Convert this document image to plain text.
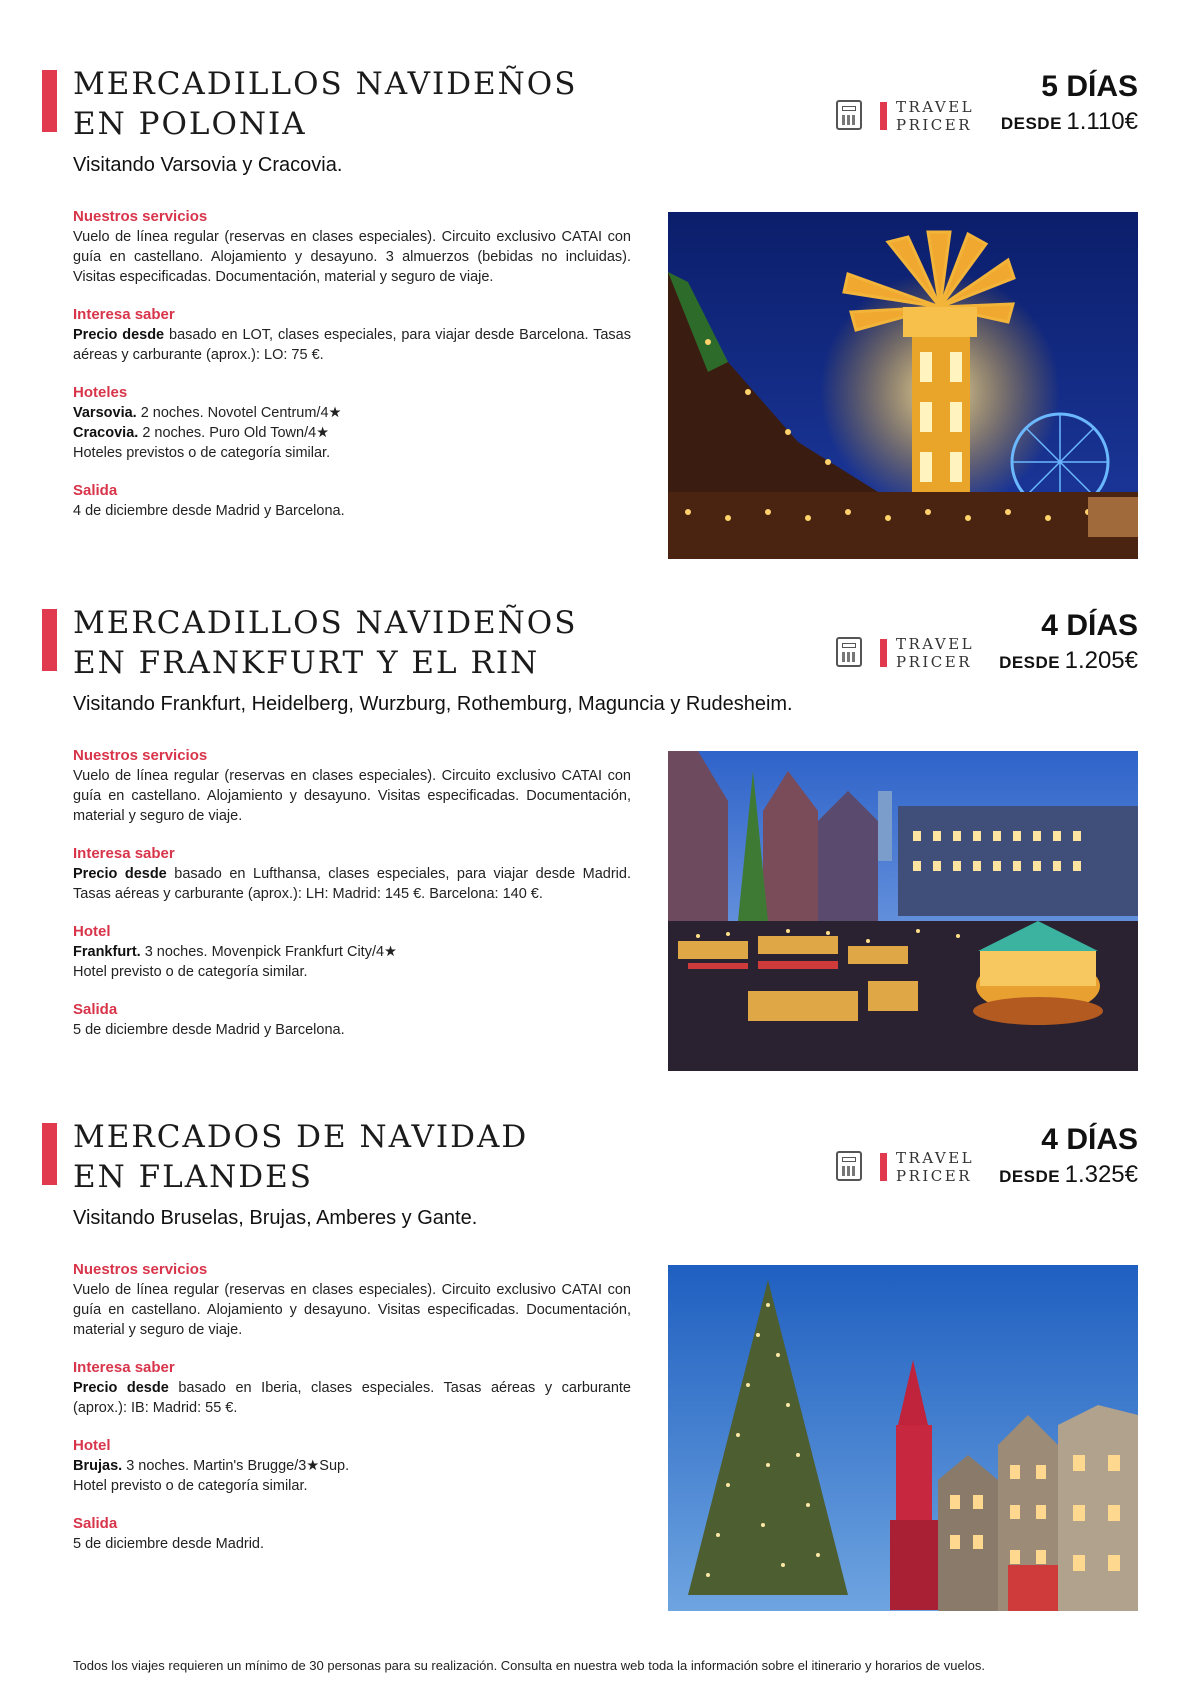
MERCADILLOS NAVIDEÑOS
EN POLONIA	TRAVEL
PRICER
5 DÍAS
DESDE 1.110€
Visitando Varsovia y Cracovia.
Nuestros servicios

Vuelo de línea regular (reservas en clases especiales). Circuito exclusivo CATAI con guía en castellano. Alojamiento y desayuno. 3 almuerzos (bebidas no incluidas). Visitas especificadas. Documentación, material y seguro de viaje.

Interesa saber

Precio desde basado en LOT, clases especiales, para viajar desde Barcelona. Tasas aéreas y carburante (aprox.): LO: 75 €.

Hoteles

Varsovia. 2 noches. Novotel Centrum/4★

Cracovia. 2 noches. Puro Old Town/4★

Hoteles previstos o de categoría similar.

Salida

4 de diciembre desde Madrid y Barcelona.

MERCADILLOS NAVIDEÑOS
EN FRANKFURT Y EL RIN
TRAVEL
PRICER
4 DÍAS
DESDE 1.205€
Visitando Frankfurt, Heidelberg, Wurzburg, Rothemburg, Maguncia y Rudesheim.
Nuestros servicios

Vuelo de línea regular (reservas en clases especiales). Circuito exclusivo CATAI con guía en castellano. Alojamiento y desayuno. Visitas especificadas. Documentación, material y seguro de viaje.

Interesa saber

Precio desde basado en Lufthansa, clases especiales, para viajar desde Madrid. Tasas aéreas y carburante (aprox.): LH: Madrid: 145 €. Barcelona: 140 €.

Hotel

Frankfurt. 3 noches. Movenpick Frankfurt City/4★

Hotel previsto o de categoría similar.

Salida

5 de diciembre desde Madrid y Barcelona.

MERCADOS DE NAVIDAD
EN FLANDES
TRAVEL
PRICER
4 DÍAS
DESDE 1.325€
Visitando Bruselas, Brujas, Amberes y Gante.
Nuestros servicios

Vuelo de línea regular (reservas en clases especiales). Circuito exclusivo CATAI con guía en castellano. Alojamiento y desayuno. Visitas especificadas. Documentación, material y seguro de viaje.

Interesa saber

Precio desde basado en Iberia, clases especiales. Tasas aéreas y carburante (aprox.): IB: Madrid: 55 €.

Hotel

Brujas. 3 noches. Martin's Brugge/3★Sup.

Hotel previsto o de categoría similar.

Salida

5 de diciembre desde Madrid.

Todos los viajes requieren un mínimo de 30 personas para su realización. Consulta en nuestra web toda la información sobre el itinerario y horarios de vuelos.
